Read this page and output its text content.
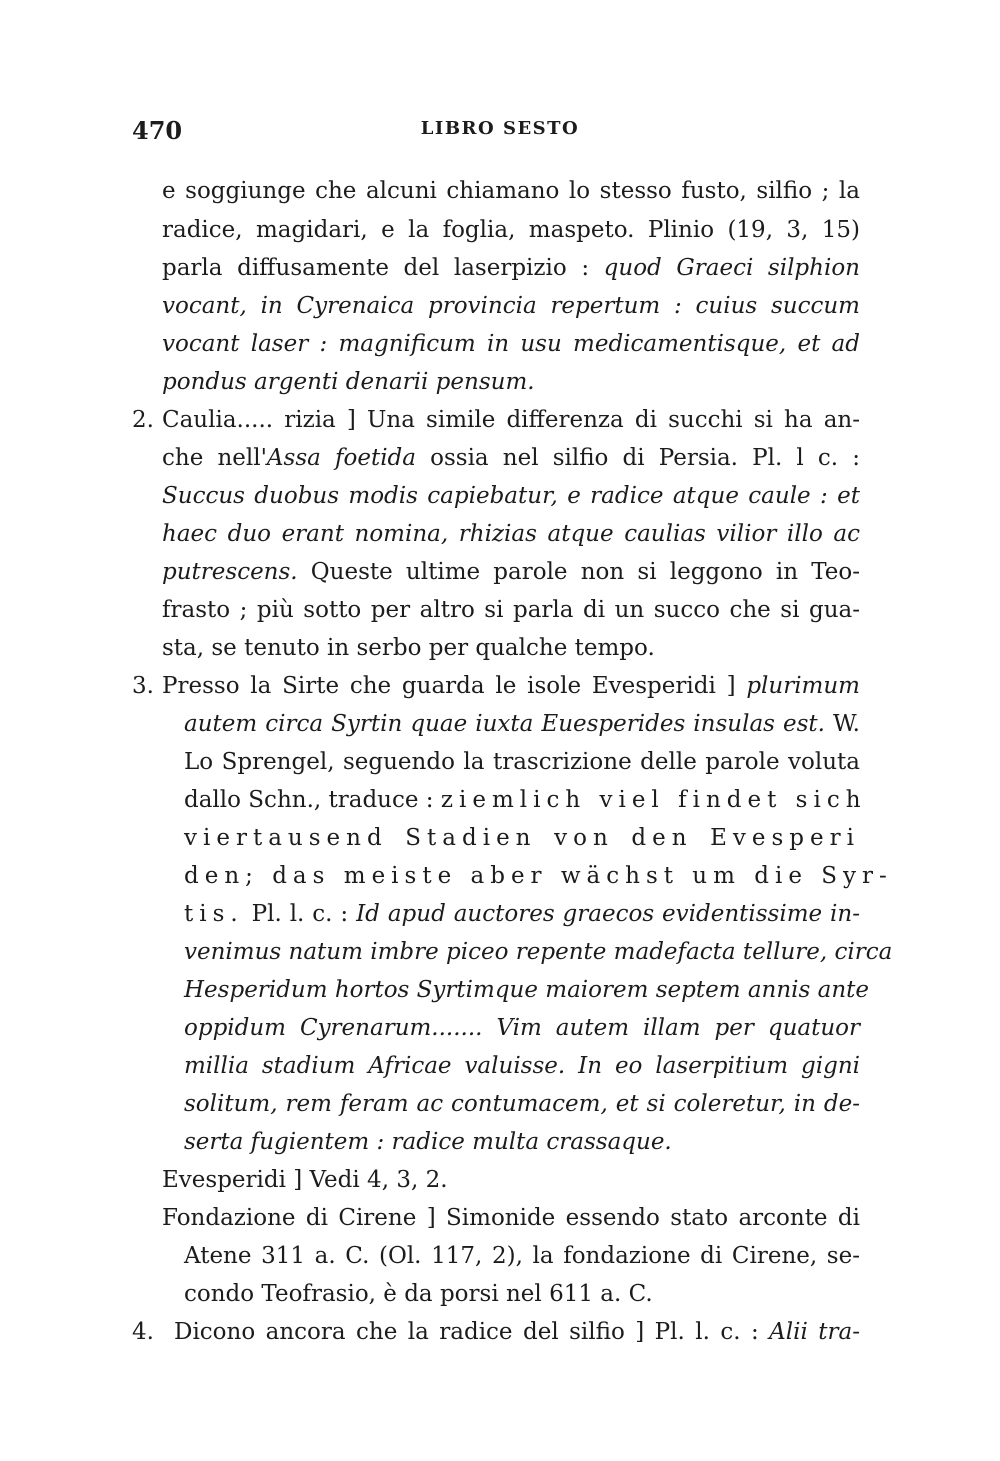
470	LIBRO SESTO
2.
3.
4.
e soggiunge che alcuni chiamano lo stesso fusto, silfio ; la
radice, magidari, e la foglia, maspeto. Plinio (19, 3, 15)
parla diffusamente del laserpizio : quod Graeci silphion
vocant, in Cyrenaica provincia repertum : cuius succum
vocant laser : magnificum in usu medicamentisque, et ad
pondus argenti denarii pensum.
Caulia..... rizia ] Una simile differenza di succhi si ha an-
che nell'Assa foetida ossia nel silfio di Persia. Pl. l c. :
Succus duobus modis capiebatur, e radice atque caule : et
haec duo erant nomina, rhizias atque caulias vilior illo ac
putrescens. Queste ultime parole non si leggono in Teo-
frasto ; più sotto per altro si parla di un succo che si gua-
sta, se tenuto in serbo per qualche tempo.
Presso la Sirte che guarda le isole Evesperidi ] plurimum
autem circa Syrtin quae iuxta Euesperides insulas est. W.
Lo Sprengel, seguendo la trascrizione delle parole voluta
dallo Schn., traduce : ziemlich viel findet sich
viertausend Stadien von den Evesperi
den; das meiste aber wächst um die Syr-
tis. Pl. l. c. : Id apud auctores graecos evidentissime in-
venimus natum imbre piceo repente madefacta tellure, circa
Hesperidum hortos Syrtimque maiorem septem annis ante
oppidum Cyrenarum....... Vim autem illam per quatuor
millia stadium Africae valuisse. In eo laserpitium gigni
solitum, rem feram ac contumacem, et si coleretur, in de-
serta fugientem : radice multa crassaque.
Evesperidi ] Vedi 4, 3, 2.
Fondazione di Cirene ] Simonide essendo stato arconte di
Atene 311 a. C. (Ol. 117, 2), la fondazione di Cirene, se-
condo Teofrasio, è da porsi nel 611 a. C.
Dicono ancora che la radice del silfio ] Pl. l. c. : Alii tra-
